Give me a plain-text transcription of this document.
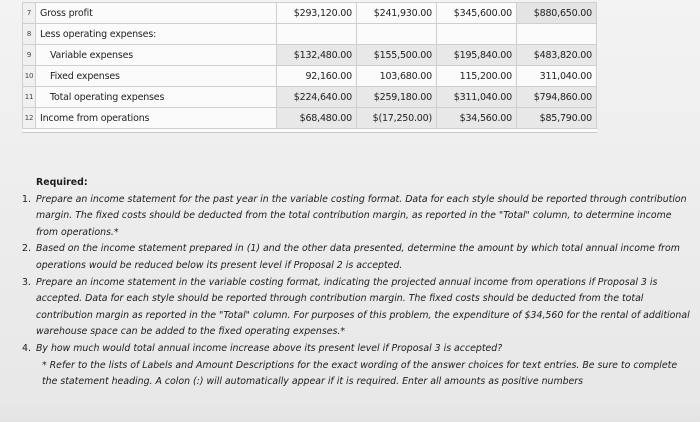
7	Gross profit	$293,120.00	$241,930.00	$345,600.00	$880,650.00
8	Less operating expenses:				
9	Variable expenses	$132,480.00	$155,500.00	$195,840.00	$483,820.00
10	Fixed expenses	92,160.00	103,680.00	115,200.00	311,040.00
11	Total operating expenses	$224,640.00	$259,180.00	$311,040.00	$794,860.00
12	Income from operations	$68,480.00	$(17,250.00)	$34,560.00	$85,790.00
Required:
1. Prepare an income statement for the past year in the variable costing format. Data for each style should be reported through contribution margin. The fixed costs should be deducted from the total contribution margin, as reported in the "Total" column, to determine income from operations.*
2. Based on the income statement prepared in (1) and the other data presented, determine the amount by which total annual income from operations would be reduced below its present level if Proposal 2 is accepted.
3. Prepare an income statement in the variable costing format, indicating the projected annual income from operations if Proposal 3 is accepted. Data for each style should be reported through contribution margin. The fixed costs should be deducted from the total contribution margin as reported in the "Total" column. For purposes of this problem, the expenditure of $34,560 for the rental of additional warehouse space can be added to the fixed operating expenses.*
4. By how much would total annual income increase above its present level if Proposal 3 is accepted?
* Refer to the lists of Labels and Amount Descriptions for the exact wording of the answer choices for text entries. Be sure to complete the statement heading. A colon (:) will automatically appear if it is required. Enter all amounts as positive numbers
